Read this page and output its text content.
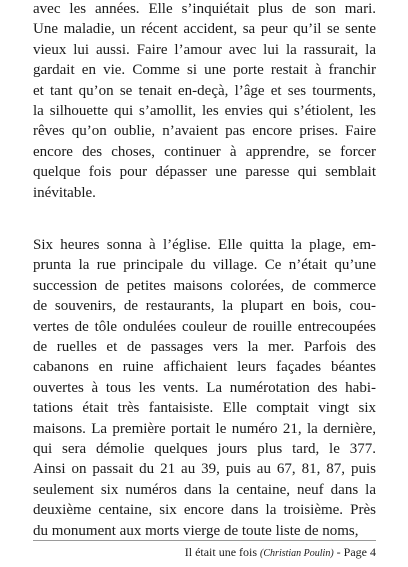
avec les années. Elle s’inquiétait plus de son mari.
Une maladie, un récent accident, sa peur qu’il se sente
vieux lui aussi. Faire l’amour avec lui la rassurait, la
gardait en vie. Comme si une porte restait à franchir
et tant qu’on se tenait en-deçà, l’âge et ses tourments,
la silhouette qui s’amollit, les envies qui s’étiolent, les
rêves qu’on oublie, n’avaient pas encore prises. Faire
encore des choses, continuer à apprendre, se forcer
quelque fois pour dépasser une paresse qui semblait
inévitable.
Six heures sonna à l’église. Elle quitta la plage, em-
prunta la rue principale du village. Ce n’était qu’une
succession de petites maisons colorées, de commerce
de souvenirs, de restaurants, la plupart en bois, cou-
vertes de tôle ondulées couleur de rouille entrecoupées
de ruelles et de passages vers la mer. Parfois des
cabanons en ruine affichaient leurs façades béantes
ouvertes à tous les vents. La numérotation des habi-
tations était très fantaisiste. Elle comptait vingt six
maisons. La première portait le numéro 21, la dernière,
qui sera démolie quelques jours plus tard, le 377.
Ainsi on passait du 21 au 39, puis au 67, 81, 87, puis
seulement six numéros dans la centaine, neuf dans la
deuxième centaine, six encore dans la troisième. Près
du monument aux morts vierge de toute liste de noms,
Il était une fois (Christian Poulin) - Page 4
